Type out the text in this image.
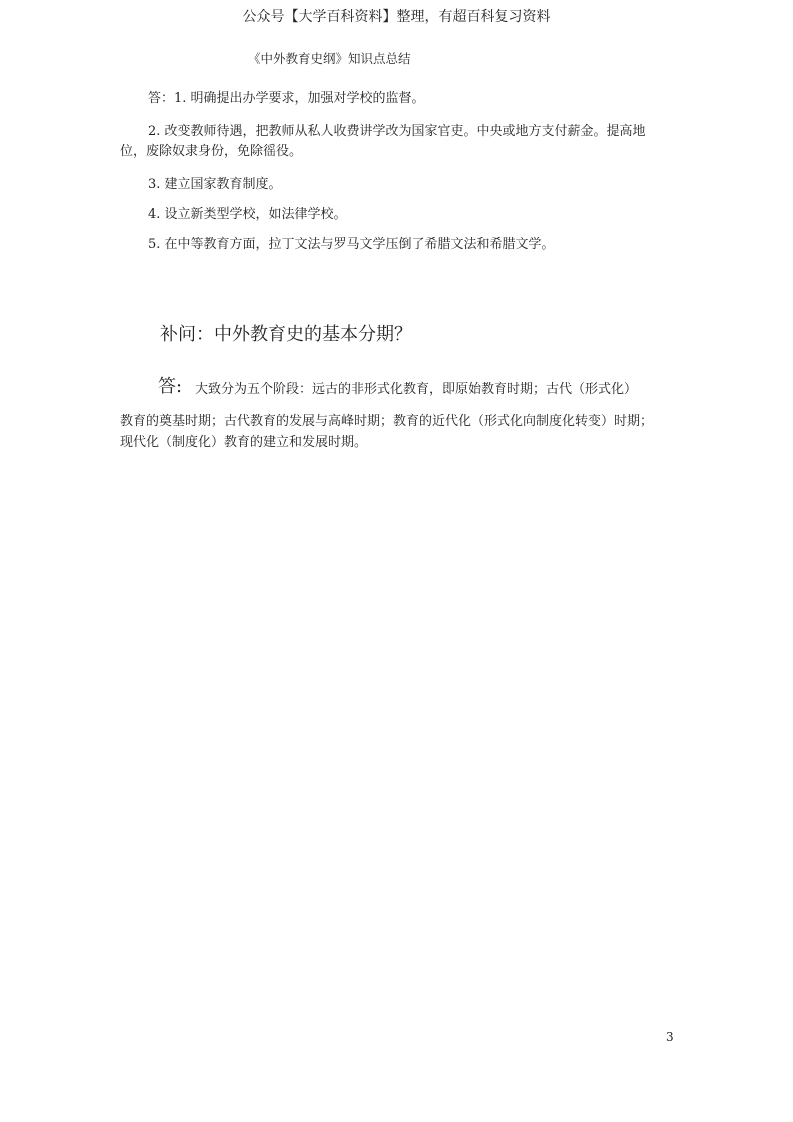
公众号【大学百科资料】整理，有超百科复习资料
《中外教育史纲》知识点总结
答：1. 明确提出办学要求，加强对学校的监督。
2. 改变教师待遇，把教师从私人收费讲学改为国家官吏。中央或地方支付薪金。提高地
位，废除奴隶身份，免除徭役。
3. 建立国家教育制度。
4. 设立新类型学校，如法律学校。
5. 在中等教育方面，拉丁文法与罗马文学压倒了希腊文法和希腊文学。
补问：中外教育史的基本分期？
答: 大致分为五个阶段：远古的非形式化教育，即原始教育时期；古代（形式化）
教育的奠基时期；古代教育的发展与高峰时期；教育的近代化（形式化向制度化转变）时期；
现代化（制度化）教育的建立和发展时期。
3
